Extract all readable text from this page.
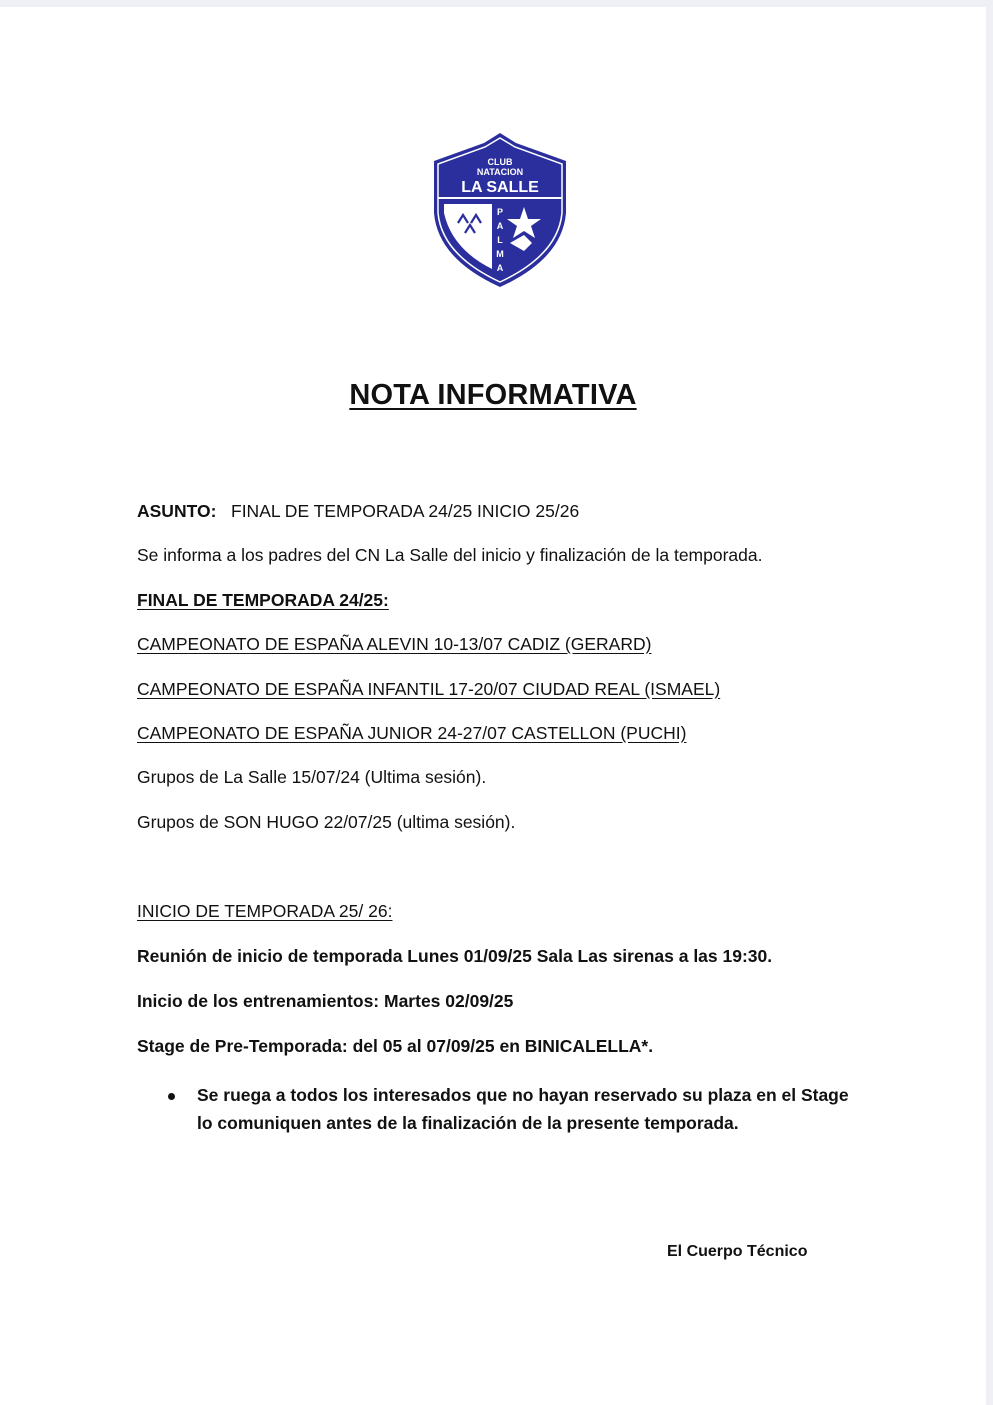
CLUB
NATACION
LA SALLE
P
A
L
M
A
NOTA INFORMATIVA
ASUNTO: FINAL DE TEMPORADA 24/25 INICIO 25/26
Se informa a los padres del CN La Salle del inicio y finalización de la temporada.
FINAL DE TEMPORADA 24/25:
CAMPEONATO DE ESPAÑA ALEVIN 10-13/07 CADIZ (GERARD)
CAMPEONATO DE ESPAÑA INFANTIL 17-20/07 CIUDAD REAL (ISMAEL)
CAMPEONATO DE ESPAÑA JUNIOR 24-27/07 CASTELLON (PUCHI)
Grupos de La Salle 15/07/24 (Ultima sesión).
Grupos de SON HUGO 22/07/25 (ultima sesión).
INICIO DE TEMPORADA 25/ 26:
Reunión de inicio de temporada Lunes 01/09/25 Sala Las sirenas a las 19:30.
Inicio de los entrenamientos: Martes 02/09/25
Stage de Pre-Temporada: del 05 al 07/09/25 en BINICALELLA*.
Se ruega a todos los interesados que no hayan reservado su plaza en el Stage
lo comuniquen antes de la finalización de la presente temporada.
El Cuerpo Técnico
